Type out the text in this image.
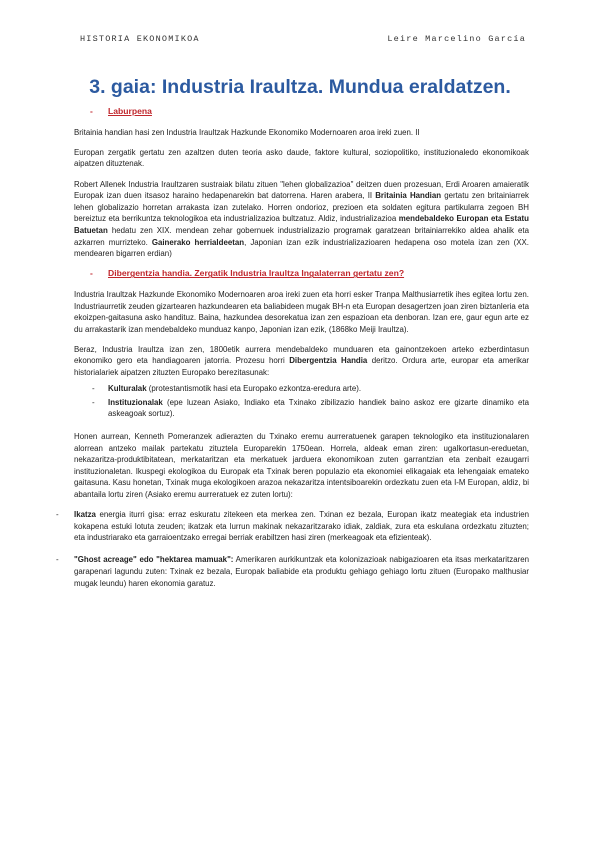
HISTORIA EKONOMIKOA	Leire Marcelino García
3. gaia: Industria Iraultza. Mundua eraldatzen.
- Laburpena

Britainia handian hasi zen Industria Iraultzak Hazkunde Ekonomiko Modernoaren aroa ireki zuen. II

Europan zergatik gertatu zen azaltzen duten teoria asko daude, faktore kultural, soziopolitiko, instituzionaledo ekonomikoak aipatzen dituztenak.

Robert Allenek Industria Iraultzaren sustraiak bilatu zituen "lehen globalizazioa" deitzen duen prozesuan, Erdi Aroaren amaieratik Europak izan duen itsasoz haraino hedapenarekin bat datorrena. Haren arabera, II Britainia Handian gertatu zen britainiarrek lehen globalizazio horretan arrakasta izan zutelako. Horren ondorioz, prezioen eta soldaten egitura partikularra zegoen BH bereiztuz eta berrikuntza teknologikoa eta industrializazioa bultzatuz. Aldiz, industrializazioa mendebaldeko Europan eta Estatu Batuetan hedatu zen XIX. mendean zehar gobernuek industrializazio programak garatzean britainiarrekiko aldea ahalik eta azkarren murrizteko. Gainerako herrialdeetan, Japonian izan ezik industrializazioaren hedapena oso motela izan zen (XX. mendearen bigarren erdian)

- Dibergentzia handia. Zergatik Industria Iraultza Ingalaterran gertatu zen?

Industria Iraultzak Hazkunde Ekonomiko Modernoaren aroa ireki zuen eta horri esker Tranpa Malthusiarretik ihes egitea lortu zen. Industriaurretik zeuden gizartearen hazkundearen eta baliabideen mugak BH-n eta Europan desagertzen joan ziren biztanleria eta ekoizpen-gaitasuna asko handituz. Baina, hazkundea desorekatua izan zen espazioan eta denboran. Izan ere, gaur egun arte ez du arrakastarik izan mendebaldeko munduaz kanpo, Japonian izan ezik, (1868ko Meiji Iraultza).

Beraz, Industria Iraultza izan zen, 1800etik aurrera mendebaldeko munduaren eta gainontzekoen arteko ezberdintasun ekonomiko gero eta handiagoaren jatorria. Prozesu horri Dibergentzia Handia deritzo. Ordura arte, europar eta amerikar historialariek aipatzen zituzten Europako berezitasunak:

- Kulturalak (protestantismotik hasi eta Europako ezkontza-eredura arte).
- Instituzionalak (epe luzean Asiako, Indiako eta Txinako zibilizazio handiek baino askoz ere gizarte dinamiko eta askeagoak sortuz).

Honen aurrean, Kenneth Pomeranzek adierazten du Txinako eremu aurreratuenek garapen teknologiko eta instituzionalaren alorrean antzeko mailak partekatu zituztela Europarekin 1750ean. Horrela, aldeak eman ziren: ugalkortasun-ereduetan, nekazaritza-produktibitatean, merkataritzan eta merkatuek jarduera ekonomikoan zuten garrantzian eta zenbait ezaugarri instituzionaletan. Ikuspegi ekologikoa du Europak eta Txinak beren populazio eta ekonomiei elikagaiak eta lehengaiak emateko gaitasuna. Kasu honetan, Txinak muga ekologikoen arazoa nekazaritza intentsiboarekin ordezkatu zuen eta I-M Europan, aldiz, bi abantaila lortu ziren (Asiako eremu aurreratuek ez zuten lortu):

- Ikatza energia iturri gisa: erraz eskuratu zitekeen eta merkea zen. Txinan ez bezala, Europan ikatz meategiak eta industrien kokapena estuki lotuta zeuden; ikatzak eta lurrun makinak nekazaritzarako idiak, zaldiak, zura eta eskulana ordezkatu zituzten; eta industriarako eta garraioentzako erregai berriak erabiltzen hasi ziren (merkeagoak eta efizienteak).
- "Ghost acreage" edo "hektarea mamuak": Amerikaren aurkikuntzak eta kolonizazioak nabigazioaren eta itsas merkataritzaren garapenari lagundu zuten: Txinak ez bezala, Europak baliabide eta produktu gehiago gehiago lortu zituen (Europako malthusiar mugak leundu) haren ekonomia garatuz.
